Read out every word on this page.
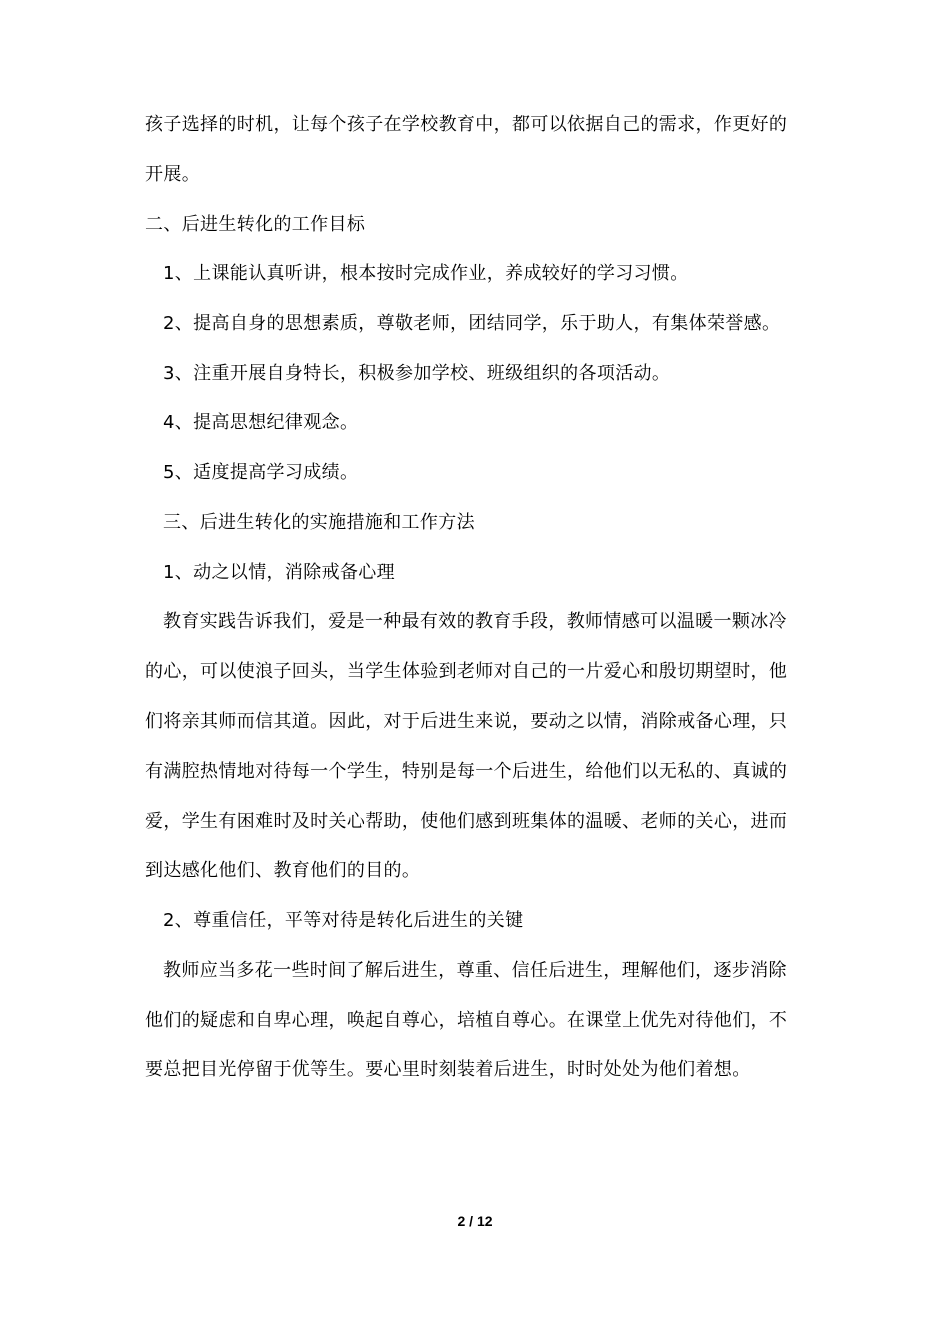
孩子选择的时机，让每个孩子在学校教育中，都可以依据自己的需求，作更好的
开展。
二、后进生转化的工作目标
1、上课能认真听讲，根本按时完成作业，养成较好的学习习惯。
2、提高自身的思想素质，尊敬老师，团结同学，乐于助人，有集体荣誉感。
3、注重开展自身特长，积极参加学校、班级组织的各项活动。
4、提高思想纪律观念。
5、适度提高学习成绩。
三、后进生转化的实施措施和工作方法
1、动之以情，消除戒备心理
教育实践告诉我们，爱是一种最有效的教育手段，教师情感可以温暖一颗冰冷
的心，可以使浪子回头，当学生体验到老师对自己的一片爱心和殷切期望时，他
们将亲其师而信其道。因此，对于后进生来说，要动之以情，消除戒备心理，只
有满腔热情地对待每一个学生，特别是每一个后进生，给他们以无私的、真诚的
爱，学生有困难时及时关心帮助，使他们感到班集体的温暖、老师的关心，进而
到达感化他们、教育他们的目的。
2、尊重信任，平等对待是转化后进生的关键
教师应当多花一些时间了解后进生，尊重、信任后进生，理解他们，逐步消除
他们的疑虑和自卑心理，唤起自尊心，培植自尊心。在课堂上优先对待他们，不
要总把目光停留于优等生。要心里时刻装着后进生，时时处处为他们着想。
2 / 12
